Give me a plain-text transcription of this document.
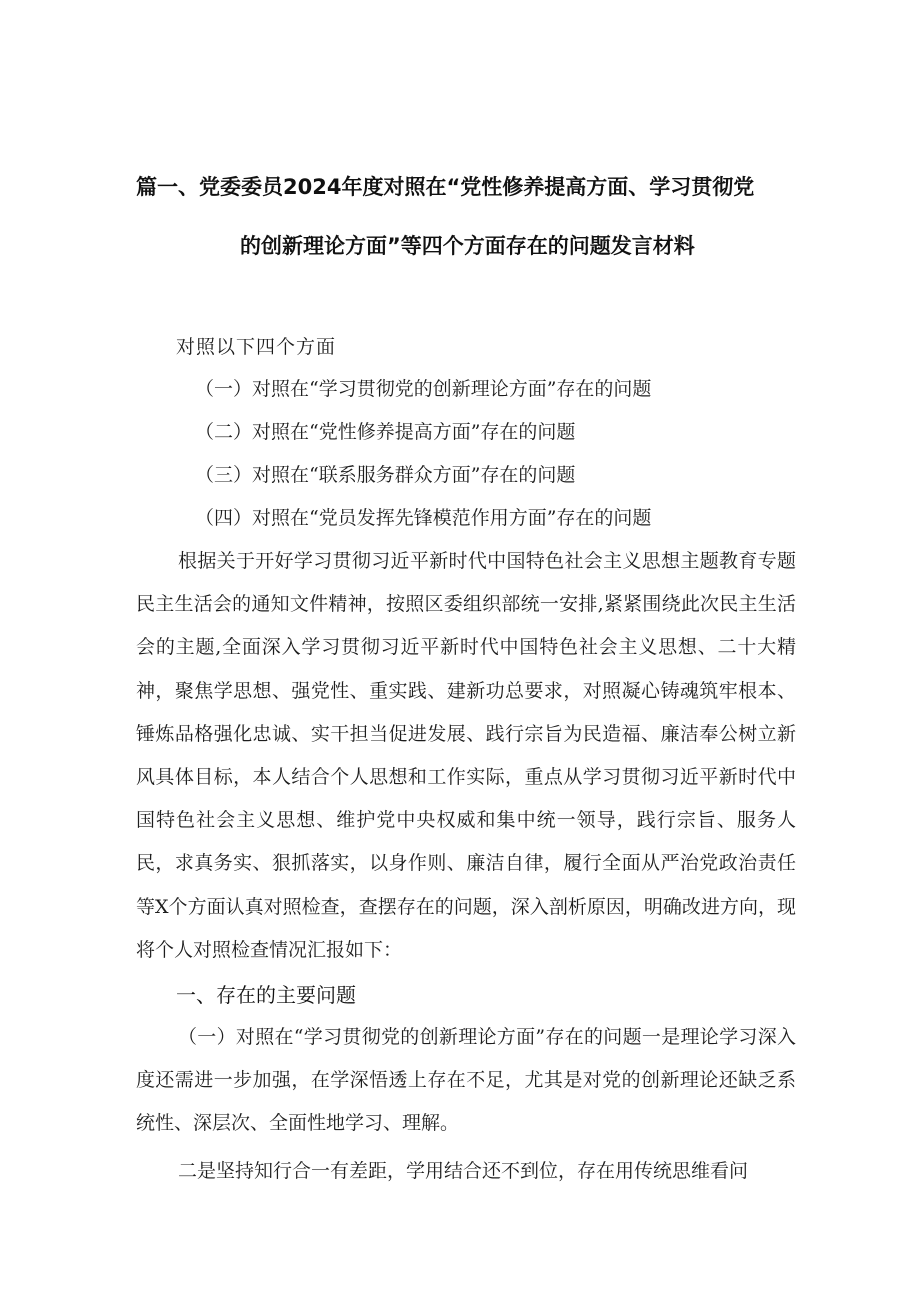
篇一、党委委员2024年度对照在“党性修养提高方面、学习贯彻党
的创新理论方面”等四个方面存在的问题发言材料
对照以下四个方面
（一）对照在“学习贯彻党的创新理论方面”存在的问题
（二）对照在“党性修养提高方面”存在的问题
（三）对照在“联系服务群众方面”存在的问题
（四）对照在“党员发挥先锋模范作用方面”存在的问题
根据关于开好学习贯彻习近平新时代中国特色社会主义思想主题教育专题民主生活会的通知文件精神，按照区委组织部统一安排,紧紧围绕此次民主生活会的主题,全面深入学习贯彻习近平新时代中国特色社会主义思想、二十大精神，聚焦学思想、强党性、重实践、建新功总要求，对照凝心铸魂筑牢根本、锤炼品格强化忠诚、实干担当促进发展、践行宗旨为民造福、廉洁奉公树立新风具体目标，本人结合个人思想和工作实际，重点从学习贯彻习近平新时代中国特色社会主义思想、维护党中央权威和集中统一领导，践行宗旨、服务人民，求真务实、狠抓落实，以身作则、廉洁自律，履行全面从严治党政治责任等X个方面认真对照检查，查摆存在的问题，深入剖析原因，明确改进方向，现将个人对照检查情况汇报如下：
一、存在的主要问题
（一）对照在“学习贯彻党的创新理论方面”存在的问题一是理论学习深入度还需进一步加强，在学深悟透上存在不足，尤其是对党的创新理论还缺乏系统性、深层次、全面性地学习、理解。
二是坚持知行合一有差距，学用结合还不到位，存在用传统思维看问
